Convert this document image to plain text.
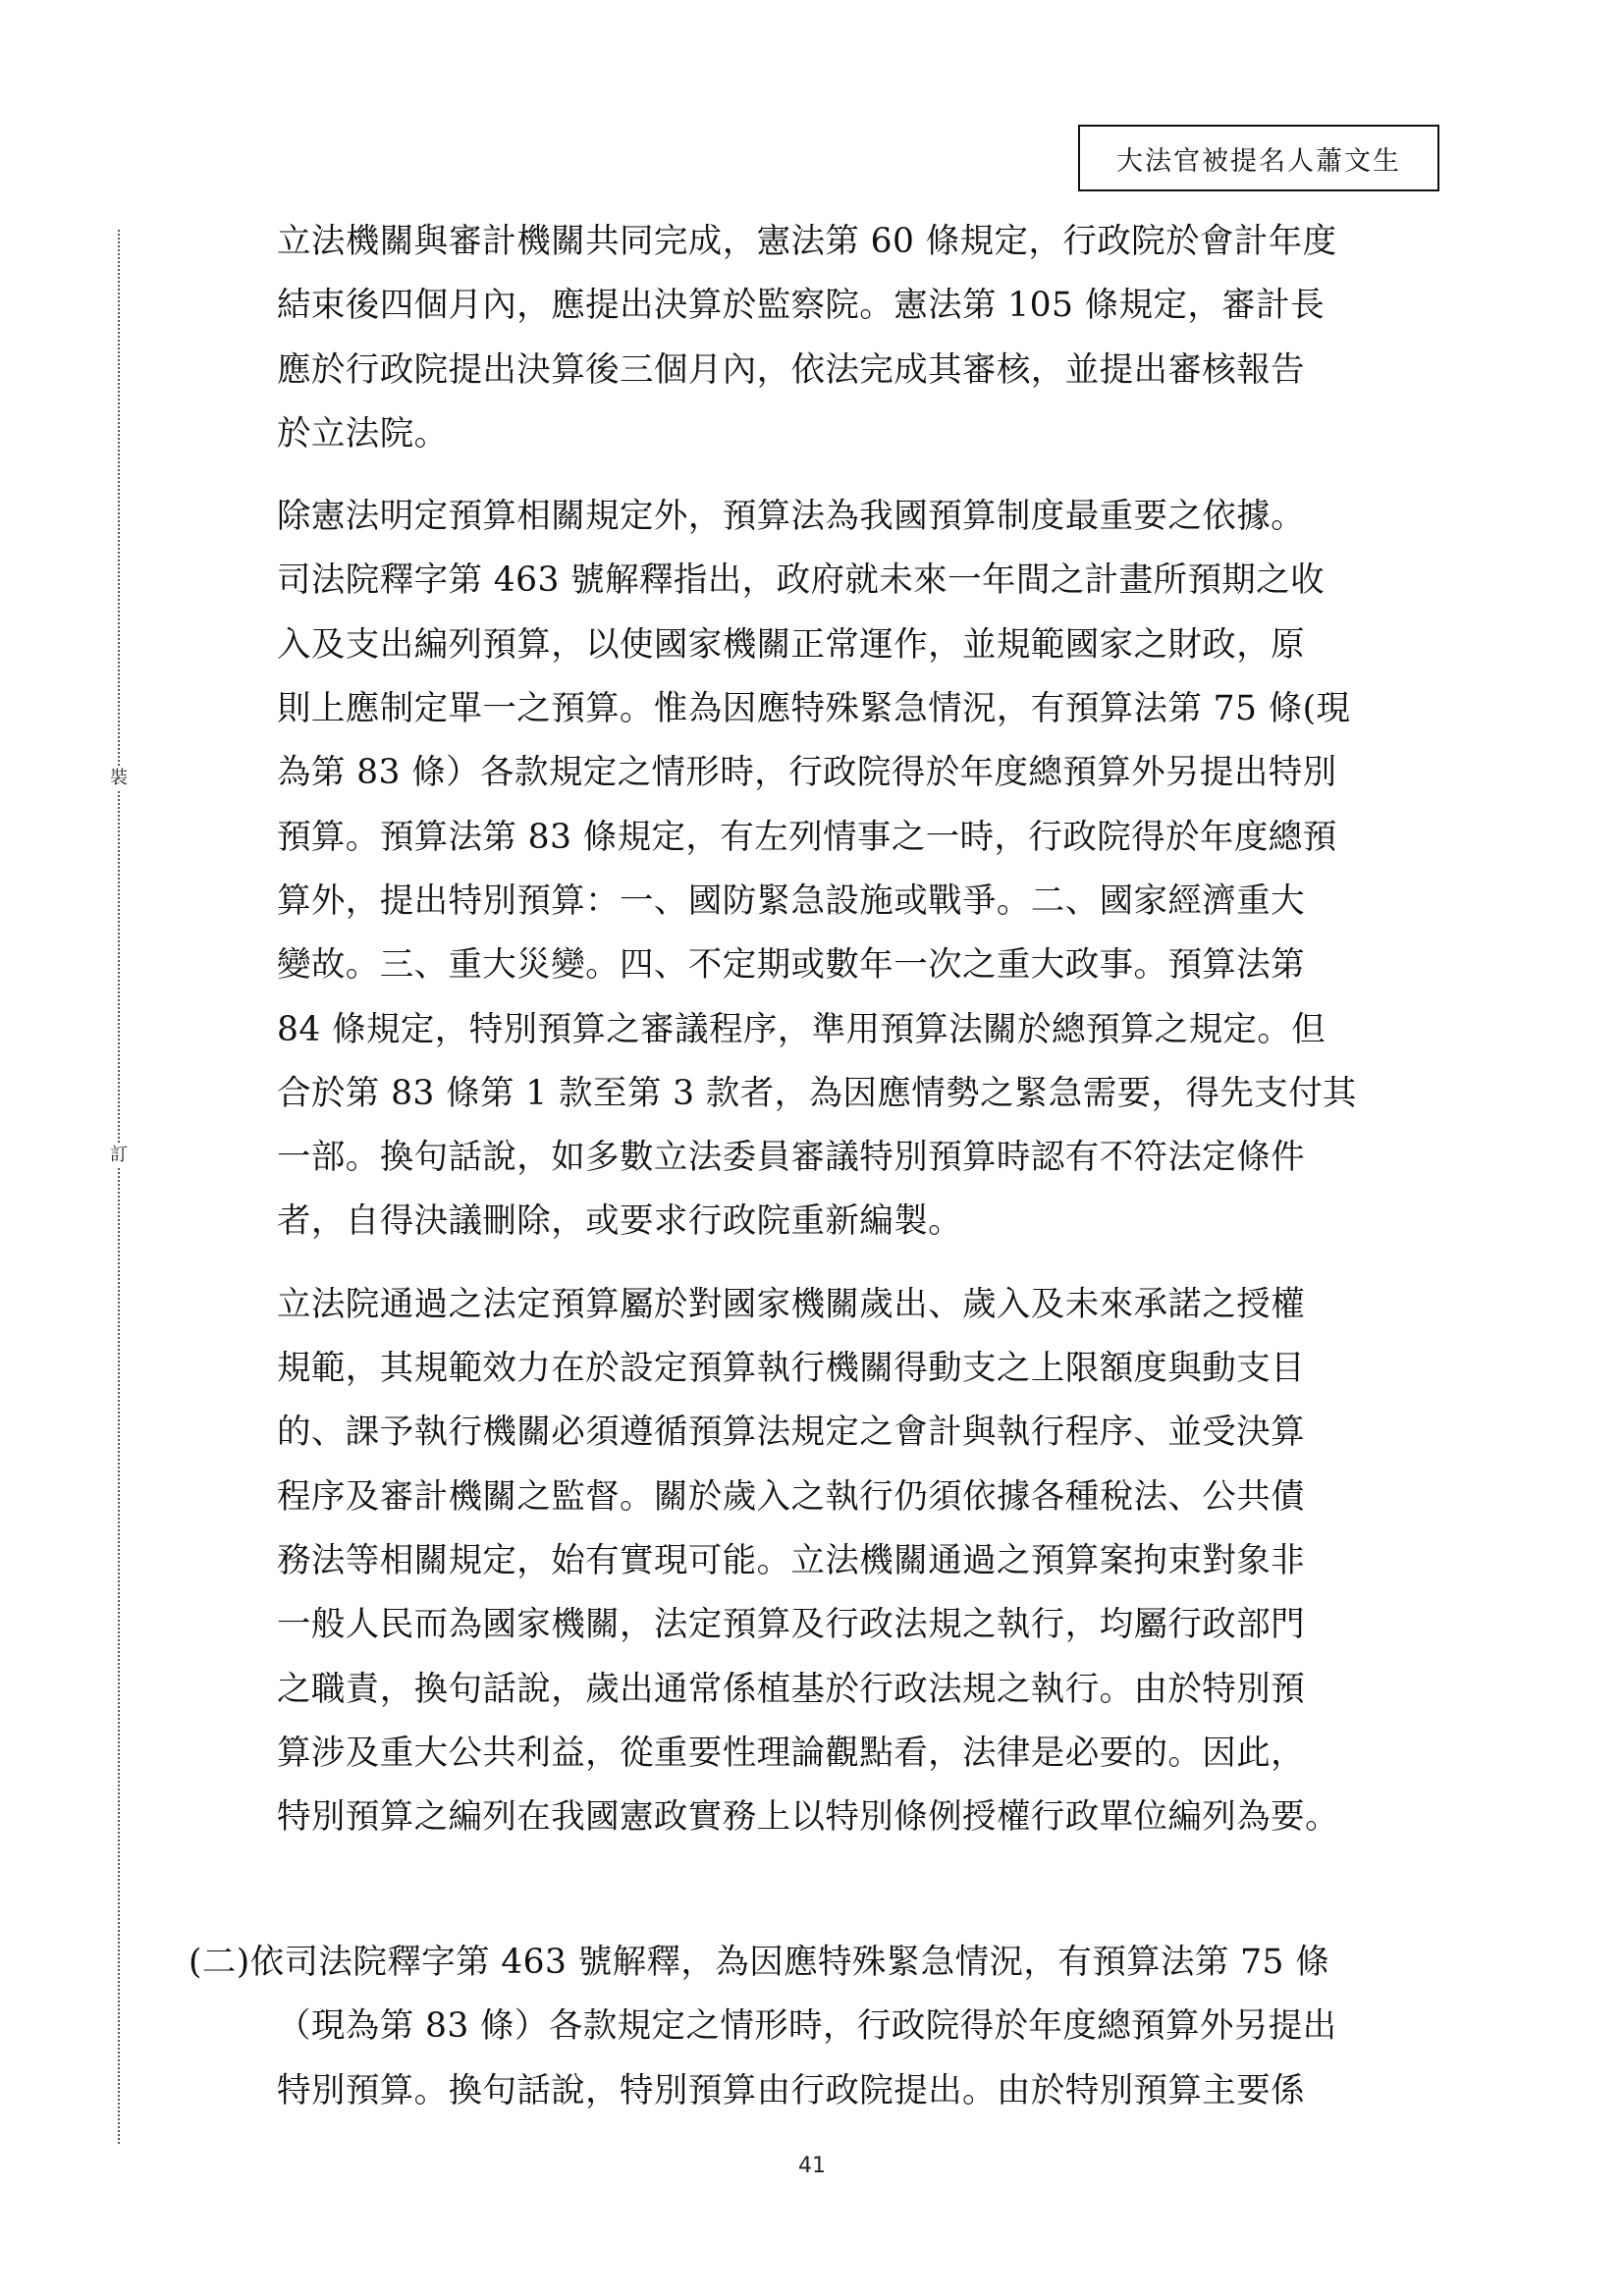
大法官被提名人蕭文生
裝
訂

立法機關與審計機關共同完成，憲法第 60 條規定，行政院於會計年度
結束後四個月內，應提出決算於監察院。憲法第 105 條規定，審計長
應於行政院提出決算後三個月內，依法完成其審核，並提出審核報告
於立法院。

除憲法明定預算相關規定外，預算法為我國預算制度最重要之依據。
司法院釋字第 463 號解釋指出，政府就未來一年間之計畫所預期之收
入及支出編列預算，以使國家機關正常運作，並規範國家之財政，原
則上應制定單一之預算。惟為因應特殊緊急情況，有預算法第 75 條(現
為第 83 條）各款規定之情形時，行政院得於年度總預算外另提出特別
預算。預算法第 83 條規定，有左列情事之一時，行政院得於年度總預
算外，提出特別預算：一、國防緊急設施或戰爭。二、國家經濟重大
變故。三、重大災變。四、不定期或數年一次之重大政事。預算法第
84 條規定，特別預算之審議程序，準用預算法關於總預算之規定。但
合於第 83 條第 1 款至第 3 款者，為因應情勢之緊急需要，得先支付其
一部。換句話說，如多數立法委員審議特別預算時認有不符法定條件
者，自得決議刪除，或要求行政院重新編製。

立法院通過之法定預算屬於對國家機關歲出、歲入及未來承諾之授權
規範，其規範效力在於設定預算執行機關得動支之上限額度與動支目
的、課予執行機關必須遵循預算法規定之會計與執行程序、並受決算
程序及審計機關之監督。關於歲入之執行仍須依據各種稅法、公共債
務法等相關規定，始有實現可能。立法機關通過之預算案拘束對象非
一般人民而為國家機關，法定預算及行政法規之執行，均屬行政部門
之職責，換句話說，歲出通常係植基於行政法規之執行。由於特別預
算涉及重大公共利益，從重要性理論觀點看，法律是必要的。因此，
特別預算之編列在我國憲政實務上以特別條例授權行政單位編列為要。

(二)依司法院釋字第 463 號解釋，為因應特殊緊急情況，有預算法第 75 條
（現為第 83 條）各款規定之情形時，行政院得於年度總預算外另提出
特別預算。換句話說，特別預算由行政院提出。由於特別預算主要係
41
